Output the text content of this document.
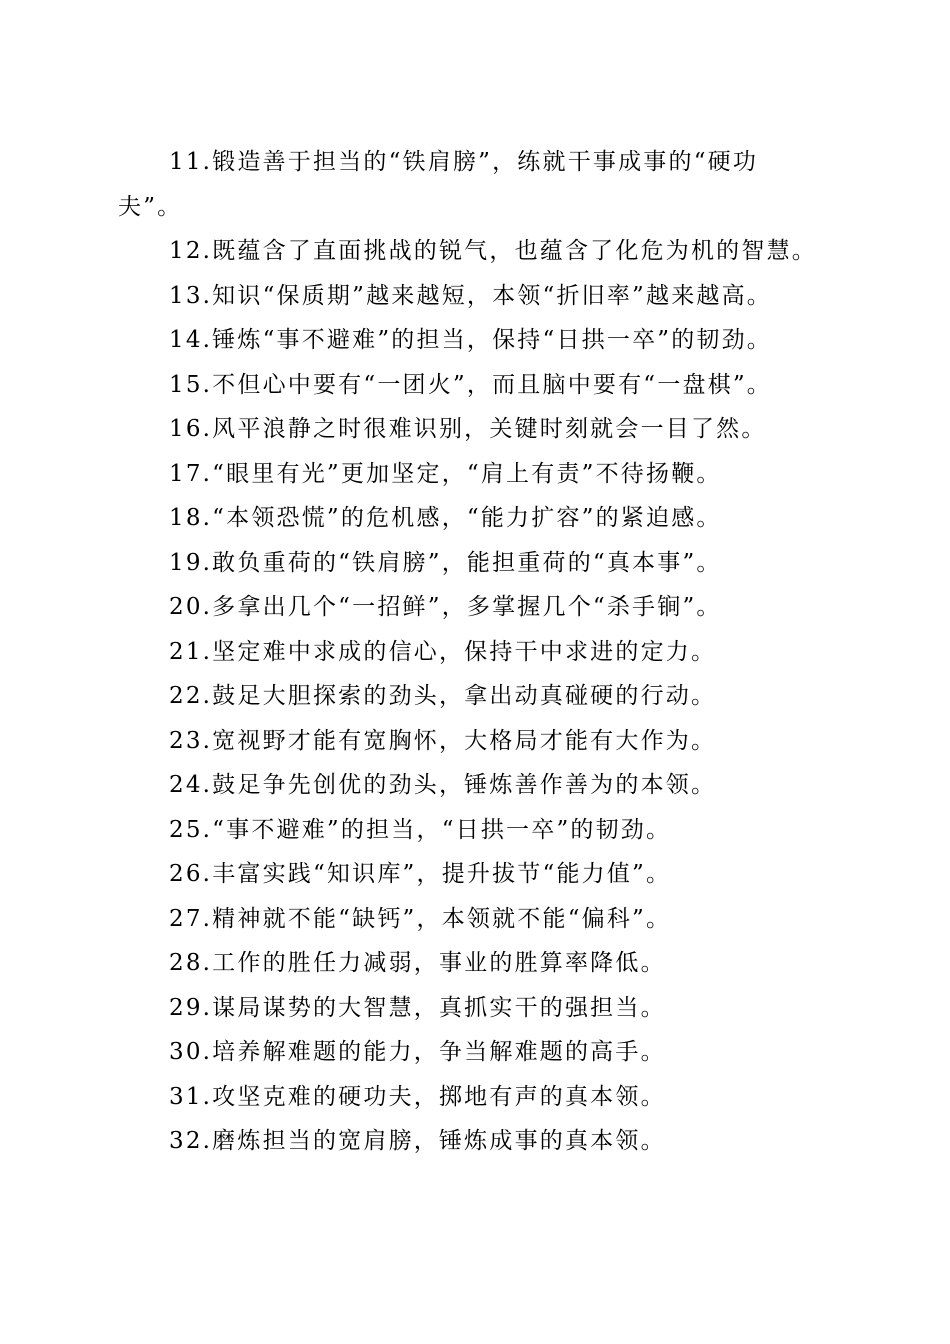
11.锻造善于担当的“铁肩膀”，练就干事成事的“硬功
夫”。
12.既蕴含了直面挑战的锐气，也蕴含了化危为机的智慧。
13.知识“保质期”越来越短，本领“折旧率”越来越高。
14.锤炼“事不避难”的担当，保持“日拱一卒”的韧劲。
15.不但心中要有“一团火”，而且脑中要有“一盘棋”。
16.风平浪静之时很难识别，关键时刻就会一目了然。
17.“眼里有光”更加坚定，“肩上有责”不待扬鞭。
18.“本领恐慌”的危机感，“能力扩容”的紧迫感。
19.敢负重荷的“铁肩膀”，能担重荷的“真本事”。
20.多拿出几个“一招鲜”，多掌握几个“杀手锏”。
21.坚定难中求成的信心，保持干中求进的定力。
22.鼓足大胆探索的劲头，拿出动真碰硬的行动。
23.宽视野才能有宽胸怀，大格局才能有大作为。
24.鼓足争先创优的劲头，锤炼善作善为的本领。
25.“事不避难”的担当，“日拱一卒”的韧劲。
26.丰富实践“知识库”，提升拔节“能力值”。
27.精神就不能“缺钙”，本领就不能“偏科”。
28.工作的胜任力减弱，事业的胜算率降低。
29.谋局谋势的大智慧，真抓实干的强担当。
30.培养解难题的能力，争当解难题的高手。
31.攻坚克难的硬功夫，掷地有声的真本领。
32.磨炼担当的宽肩膀，锤炼成事的真本领。
